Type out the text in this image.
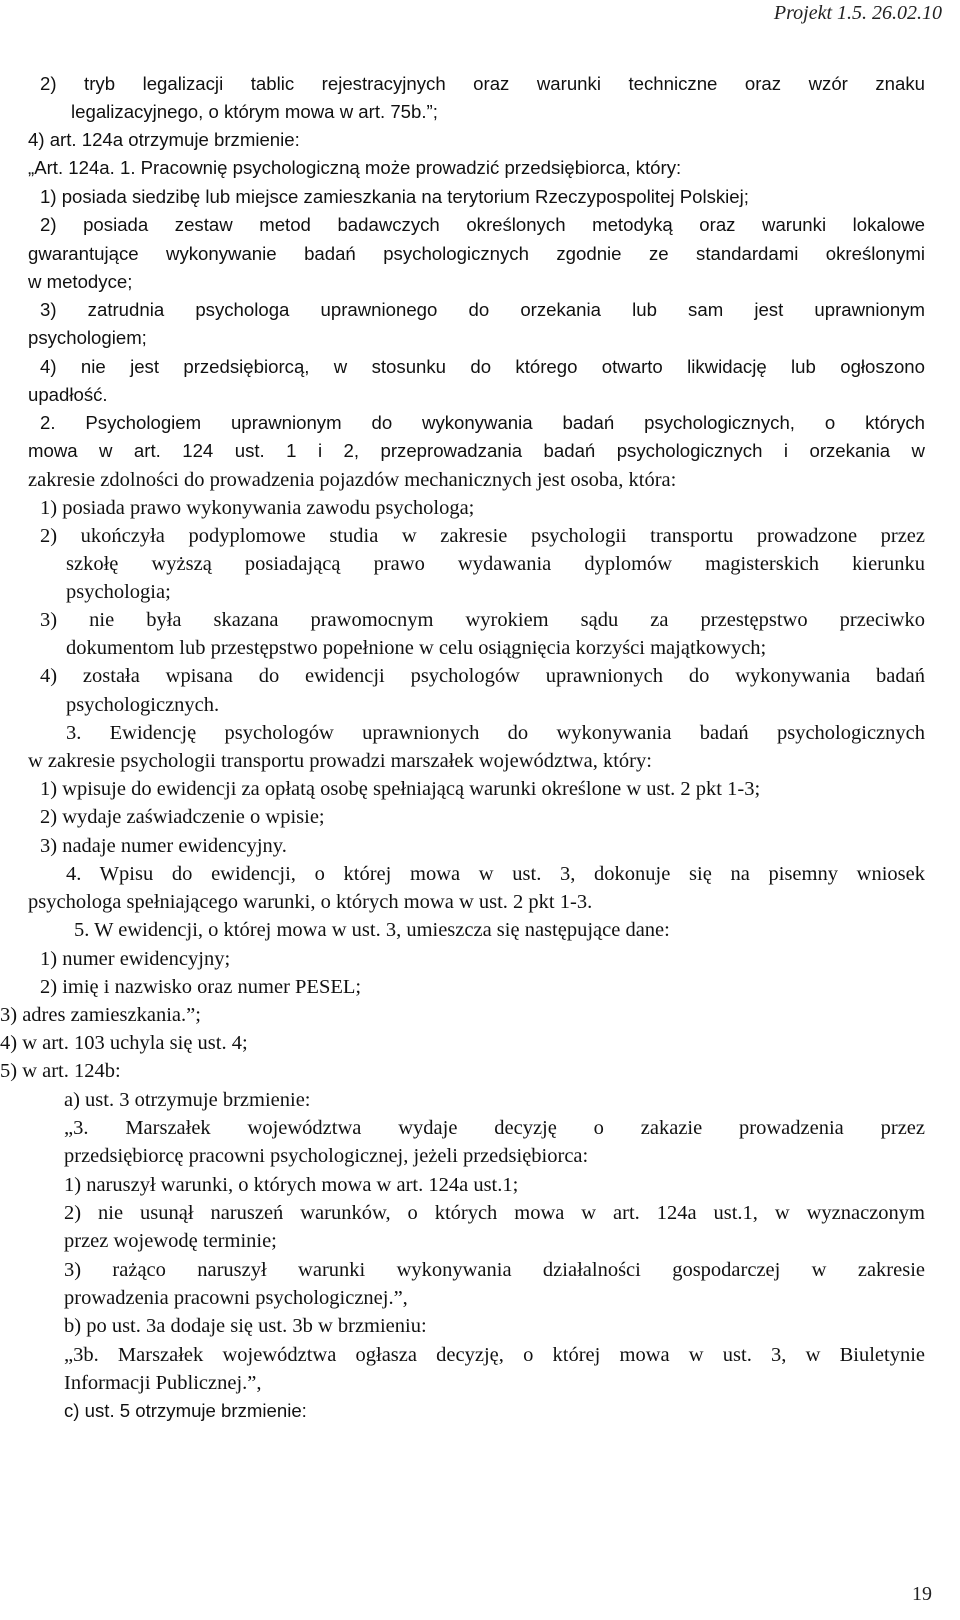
Projekt 1.5. 26.02.10
2) tryb legalizacji tablic rejestracyjnych oraz warunki techniczne oraz wzór znaku
legalizacyjnego, o którym mowa w art. 75b.”;
4) art. 124a otrzymuje brzmienie:
„Art. 124a. 1. Pracownię psychologiczną może prowadzić przedsiębiorca, który:
1) posiada siedzibę lub miejsce zamieszkania na terytorium Rzeczypospolitej Polskiej;
2) posiada zestaw metod badawczych określonych metodyką oraz warunki lokalowe
gwarantujące wykonywanie badań psychologicznych zgodnie ze standardami określonymi
w metodyce;
3) zatrudnia psychologa uprawnionego do orzekania lub sam jest uprawnionym
psychologiem;
4) nie jest przedsiębiorcą, w stosunku do którego otwarto likwidację lub ogłoszono
upadłość.
2. Psychologiem uprawnionym do wykonywania badań psychologicznych, o których
mowa w art. 124 ust. 1 i 2, przeprowadzania badań psychologicznych i orzekania w
zakresie zdolności do prowadzenia pojazdów mechanicznych jest osoba, która:
1) posiada prawo wykonywania zawodu psychologa;
2) ukończyła podyplomowe studia w zakresie psychologii transportu prowadzone przez
szkołę wyższą posiadającą prawo wydawania dyplomów magisterskich kierunku
psychologia;
3) nie była skazana prawomocnym wyrokiem sądu za przestępstwo przeciwko
dokumentom lub przestępstwo popełnione w celu osiągnięcia korzyści majątkowych;
4) została wpisana do ewidencji psychologów uprawnionych do wykonywania badań
psychologicznych.
3. Ewidencję psychologów uprawnionych do wykonywania badań psychologicznych
w zakresie psychologii transportu prowadzi marszałek województwa, który:
1) wpisuje do ewidencji za opłatą osobę spełniającą warunki określone w ust. 2 pkt 1-3;
2) wydaje zaświadczenie o wpisie;
3) nadaje numer ewidencyjny.
4. Wpisu do ewidencji, o której mowa w ust. 3, dokonuje się na pisemny wniosek
psychologa spełniającego warunki, o których mowa w ust. 2 pkt 1-3.
5. W ewidencji, o której mowa w ust. 3, umieszcza się następujące dane:
1) numer ewidencyjny;
2) imię i nazwisko oraz numer PESEL;
3) adres zamieszkania.”;
4) w art. 103 uchyla się ust. 4;
5) w art. 124b:
a) ust. 3 otrzymuje brzmienie:
„3. Marszałek województwa wydaje decyzję o zakazie prowadzenia przez
przedsiębiorcę pracowni psychologicznej, jeżeli przedsiębiorca:
1) naruszył warunki, o których mowa w art. 124a ust.1;
2) nie usunął naruszeń warunków, o których mowa w art. 124a ust.1, w wyznaczonym
przez wojewodę terminie;
3) rażąco naruszył warunki wykonywania działalności gospodarczej w zakresie
prowadzenia pracowni psychologicznej.”,
b) po ust. 3a dodaje się ust. 3b w brzmieniu:
„3b. Marszałek województwa ogłasza decyzję, o której mowa w ust. 3, w Biuletynie
Informacji Publicznej.”,
c) ust. 5 otrzymuje brzmienie:
19
